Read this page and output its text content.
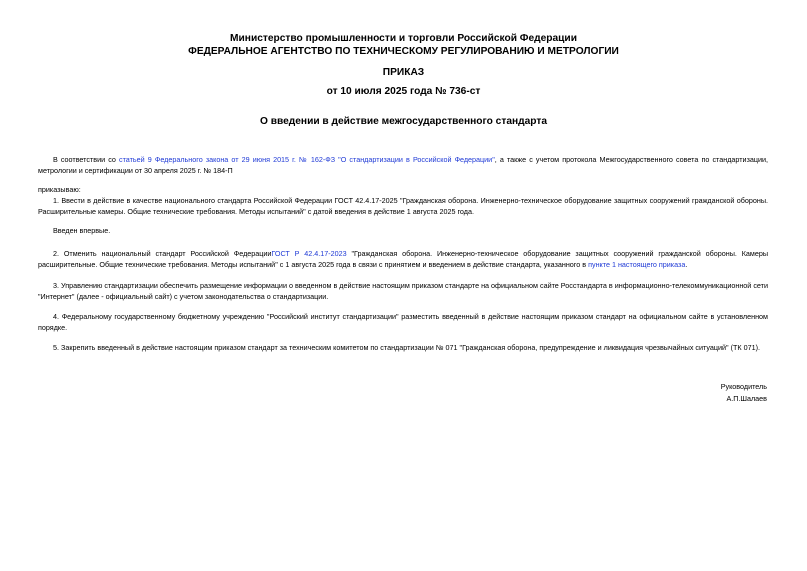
Министерство промышленности и торговли Российской Федерации
ФЕДЕРАЛЬНОЕ АГЕНТСТВО ПО ТЕХНИЧЕСКОМУ РЕГУЛИРОВАНИЮ И МЕТРОЛОГИИ
ПРИКАЗ
от 10 июля 2025 года № 736-ст
О введении в действие межгосударственного стандарта

В соответствии со статьей 9 Федерального закона от 29 июня 2015 г. № 162-ФЗ "О стандартизации в Российской Федерации", а также с учетом протокола Межгосударственного совета по стандартизации, метрологии и сертификации от 30 апреля 2025 г. № 184-П

приказываю:

1. Ввести в действие в качестве национального стандарта Российской Федерации ГОСТ 42.4.17-2025 "Гражданская оборона. Инженерно-техническое оборудование защитных сооружений гражданской обороны. Расширительные камеры. Общие технические требования. Методы испытаний" с датой введения в действие 1 августа 2025 года.

Введен впервые.

2. Отменить национальный стандарт Российской ФедерацииГОСТ Р 42.4.17-2023 "Гражданская оборона. Инженерно-техническое оборудование защитных сооружений гражданской обороны. Камеры расширительные. Общие технические требования. Методы испытаний" с 1 августа 2025 года в связи с принятием и введением в действие стандарта, указанного в пункте 1 настоящего приказа.

3. Управлению стандартизации обеспечить размещение информации о введенном в действие настоящим приказом стандарте на официальном сайте Росстандарта в информационно-телекоммуникационной сети "Интернет" (далее - официальный сайт) с учетом законодательства о стандартизации.

4. Федеральному государственному бюджетному учреждению "Российский институт стандартизации" разместить введенный в действие настоящим приказом стандарт на официальном сайте в установленном порядке.

5. Закрепить введенный в действие настоящим приказом стандарт за техническим комитетом по стандартизации № 071 "Гражданская оборона, предупреждение и ликвидация чрезвычайных ситуаций" (ТК 071).

Руководитель
А.П.Шалаев
